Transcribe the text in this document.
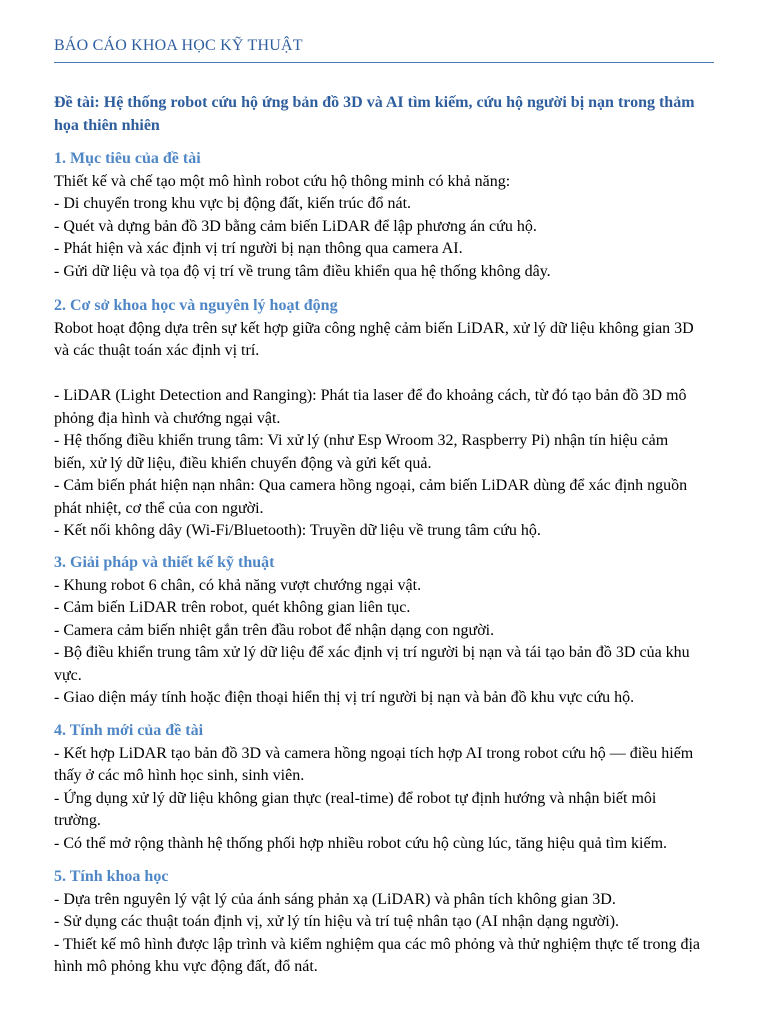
BÁO CÁO KHOA HỌC KỸ THUẬT
Đề tài: Hệ thống robot cứu hộ ứng bản đồ 3D và AI tìm kiếm, cứu hộ người bị nạn trong thảm
họa thiên nhiên
1. Mục tiêu của đề tài
Thiết kế và chế tạo một mô hình robot cứu hộ thông minh có khả năng:
- Di chuyển trong khu vực bị động đất, kiến trúc đổ nát.
- Quét và dựng bản đồ 3D bằng cảm biến LiDAR để lập phương án cứu hộ.
- Phát hiện và xác định vị trí người bị nạn thông qua camera AI.
- Gửi dữ liệu và tọa độ vị trí về trung tâm điều khiển qua hệ thống không dây.
2. Cơ sở khoa học và nguyên lý hoạt động
Robot hoạt động dựa trên sự kết hợp giữa công nghệ cảm biến LiDAR, xử lý dữ liệu không gian 3D
và các thuật toán xác định vị trí.
- LiDAR (Light Detection and Ranging): Phát tia laser để đo khoảng cách, từ đó tạo bản đồ 3D mô
phỏng địa hình và chướng ngại vật.
- Hệ thống điều khiển trung tâm: Vi xử lý (như Esp Wroom 32, Raspberry Pi) nhận tín hiệu cảm
biến, xử lý dữ liệu, điều khiển chuyển động và gửi kết quả.
- Cảm biến phát hiện nạn nhân: Qua camera hồng ngoại, cảm biến LiDAR dùng để xác định nguồn
phát nhiệt, cơ thể của con người.
- Kết nối không dây (Wi-Fi/Bluetooth): Truyền dữ liệu về trung tâm cứu hộ.
3. Giải pháp và thiết kế kỹ thuật
- Khung robot 6 chân, có khả năng vượt chướng ngại vật.
- Cảm biến LiDAR trên robot, quét không gian liên tục.
- Camera cảm biến nhiệt gắn trên đầu robot để nhận dạng con người.
- Bộ điều khiển trung tâm xử lý dữ liệu để xác định vị trí người bị nạn và tái tạo bản đồ 3D của khu
vực.
- Giao diện máy tính hoặc điện thoại hiển thị vị trí người bị nạn và bản đồ khu vực cứu hộ.
4. Tính mới của đề tài
- Kết hợp LiDAR tạo bản đồ 3D và camera hồng ngoại tích hợp AI trong robot cứu hộ — điều hiếm
thấy ở các mô hình học sinh, sinh viên.
- Ứng dụng xử lý dữ liệu không gian thực (real-time) để robot tự định hướng và nhận biết môi
trường.
- Có thể mở rộng thành hệ thống phối hợp nhiều robot cứu hộ cùng lúc, tăng hiệu quả tìm kiếm.
5. Tính khoa học
- Dựa trên nguyên lý vật lý của ánh sáng phản xạ (LiDAR) và phân tích không gian 3D.
- Sử dụng các thuật toán định vị, xử lý tín hiệu và trí tuệ nhân tạo (AI nhận dạng người).
- Thiết kế mô hình được lập trình và kiểm nghiệm qua các mô phỏng và thử nghiệm thực tế trong địa
hình mô phỏng khu vực động đất, đổ nát.
